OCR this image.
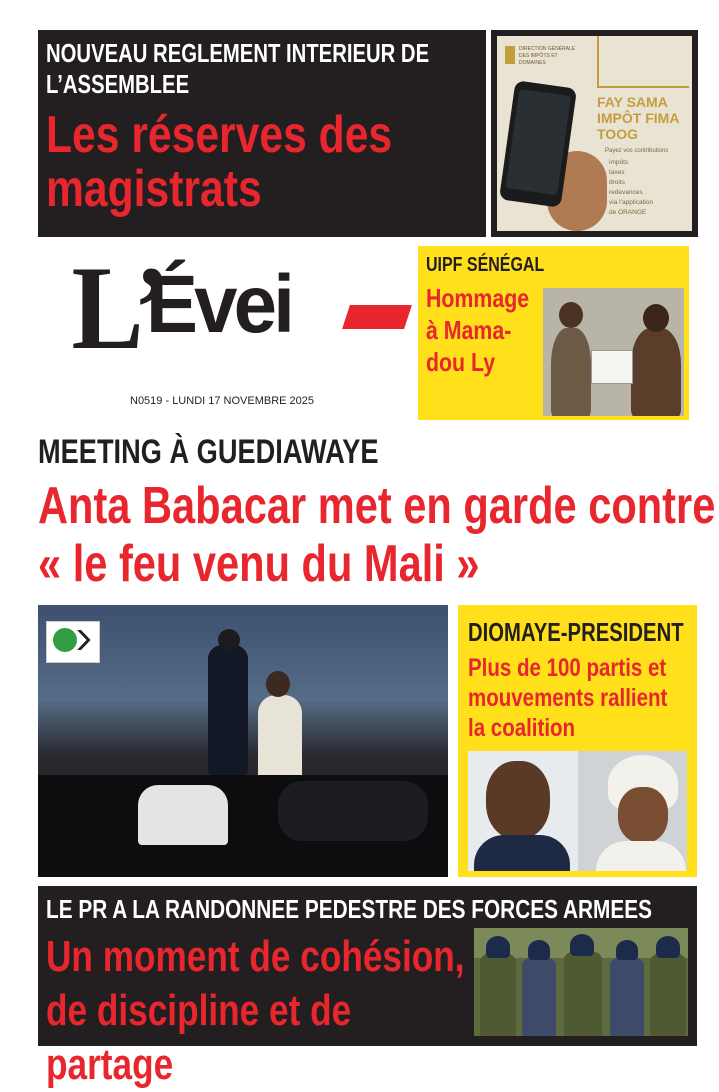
NOUVEAU REGLEMENT INTERIEUR DE L’ASSEMBLEE
Les réserves des magistrats
DIRECTION GÉNÉRALE DES IMPÔTS ET DOMAINES
FAY SAMA IMPÔT FIMA TOOG
Payez vos contributions
impôts
taxes
droits
redevances
via l’application
de ORANGE
L’
Évei
N0519 - LUNDI 17 NOVEMBRE 2025
UIPF SÉNÉGAL
Hommage à Mama-dou Ly
MEETING À GUEDIAWAYE
Anta Babacar met en garde contre « le feu venu du Mali »
DIOMAYE-PRESIDENT
Plus de 100 partis et mouvements rallient la coalition
LE PR A LA RANDONNEE PEDESTRE DES FORCES ARMEES
Un moment de cohésion, de discipline et de partage
